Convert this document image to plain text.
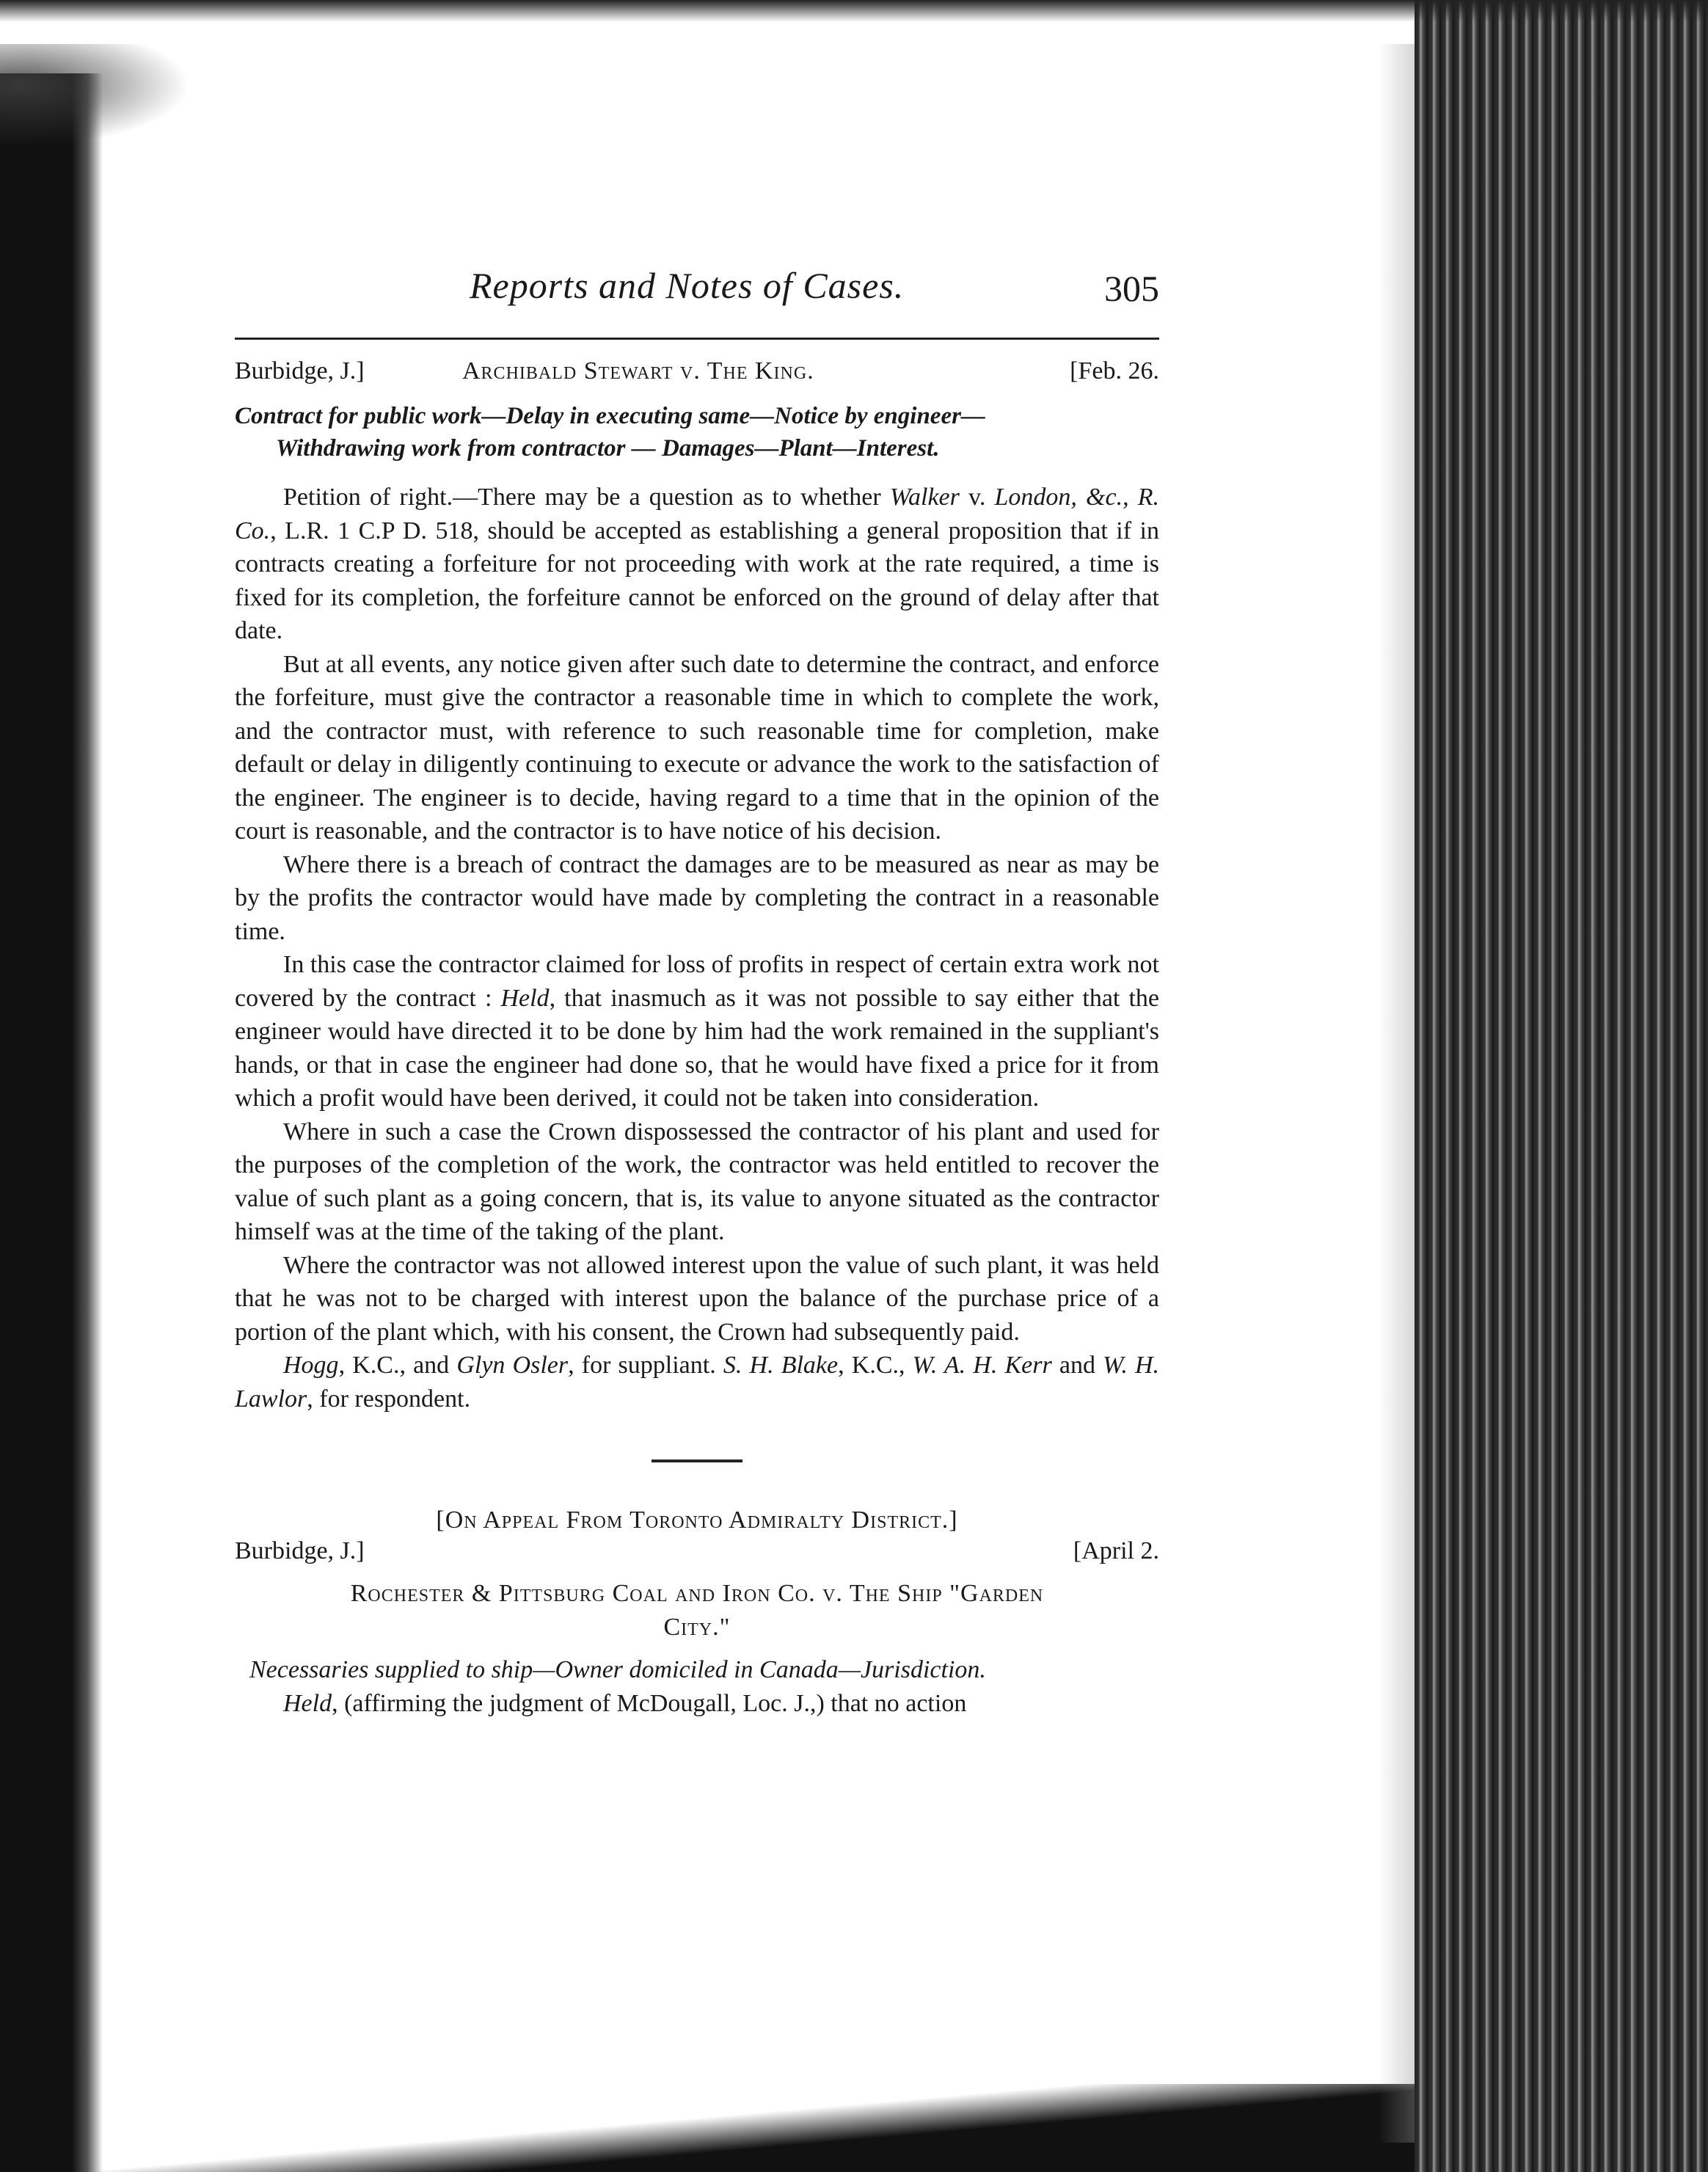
Reports and Notes of Cases.	305
Burbidge, J.]	Archibald Stewart v. The King.	[Feb. 26.

Contract for public work—Delay in executing same—Notice by engineer—
Withdrawing work from contractor — Damages—Plant—Interest.

Petition of right.—There may be a question as to whether Walker v. London, &c., R. Co., L.R. 1 C.P D. 518, should be accepted as establishing a general proposition that if in contracts creating a forfeiture for not proceeding with work at the rate required, a time is fixed for its completion, the forfeiture cannot be enforced on the ground of delay after that date.

But at all events, any notice given after such date to determine the contract, and enforce the forfeiture, must give the contractor a reasonable time in which to complete the work, and the contractor must, with reference to such reasonable time for completion, make default or delay in diligently continuing to execute or advance the work to the satisfaction of the engineer. The engineer is to decide, having regard to a time that in the opinion of the court is reasonable, and the contractor is to have notice of his decision.

Where there is a breach of contract the damages are to be measured as near as may be by the profits the contractor would have made by completing the contract in a reasonable time.

In this case the contractor claimed for loss of profits in respect of certain extra work not covered by the contract : Held, that inasmuch as it was not possible to say either that the engineer would have directed it to be done by him had the work remained in the suppliant's hands, or that in case the engineer had done so, that he would have fixed a price for it from which a profit would have been derived, it could not be taken into consideration.

Where in such a case the Crown dispossessed the contractor of his plant and used for the purposes of the completion of the work, the contractor was held entitled to recover the value of such plant as a going concern, that is, its value to anyone situated as the contractor himself was at the time of the taking of the plant.

Where the contractor was not allowed interest upon the value of such plant, it was held that he was not to be charged with interest upon the balance of the purchase price of a portion of the plant which, with his consent, the Crown had subsequently paid.

Hogg, K.C., and Glyn Osler, for suppliant. S. H. Blake, K.C., W. A. H. Kerr and W. H. Lawlor, for respondent.

[On Appeal From Toronto Admiralty District.]

Burbidge, J.]	[April 2.

Rochester & Pittsburg Coal and Iron Co. v. The Ship "Garden
City."

Necessaries supplied to ship—Owner domiciled in Canada—Jurisdiction.

Held, (affirming the judgment of McDougall, Loc. J.,) that no action
